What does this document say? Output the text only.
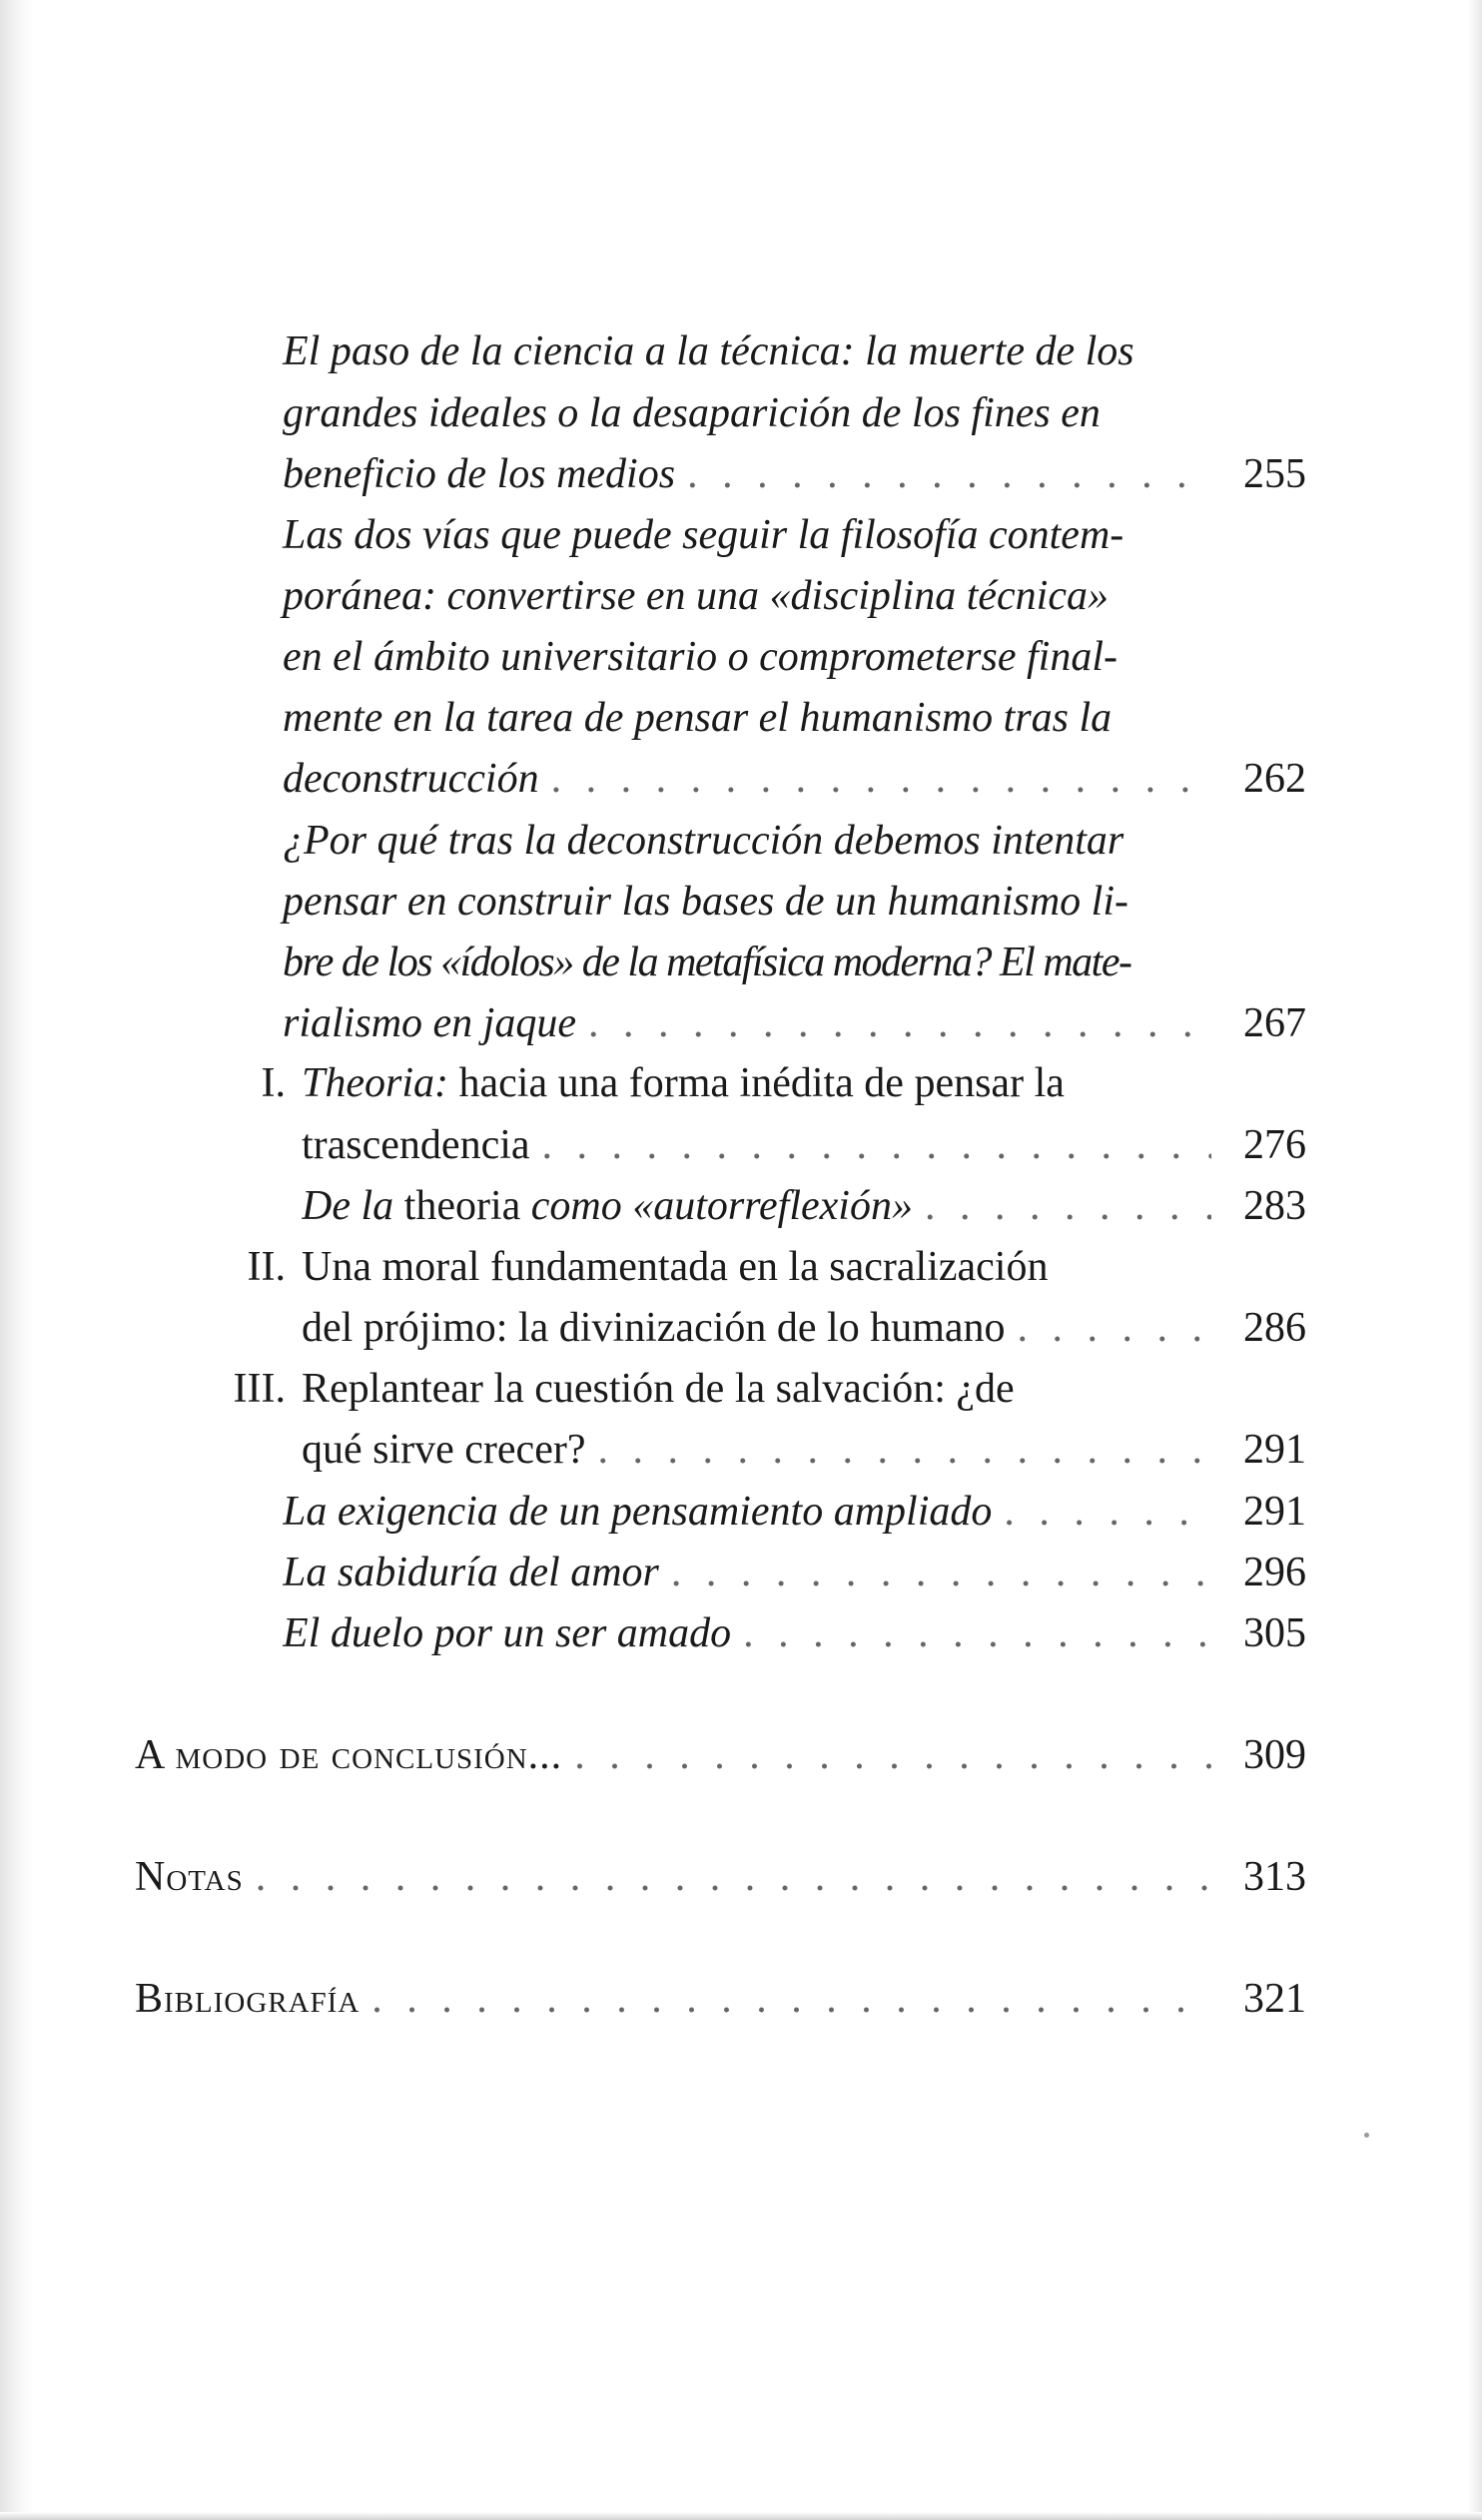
El paso de la ciencia a la técnica: la muerte de los
grandes ideales o la desaparición de los fines en
beneficio de los medios . . .	255
Las dos vías que puede seguir la filosofía contem-
poránea: convertirse en una «disciplina técnica»
en el ámbito universitario o comprometerse final-
mente en la tarea de pensar el humanismo tras la
deconstrucción . . .	262
¿Por qué tras la deconstrucción debemos intentar
pensar en construir las bases de un humanismo li-
bre de los «ídolos» de la metafísica moderna? El mate-
rialismo en jaque . . .	267
I. Theoria: hacia una forma inédita de pensar la
trascendencia . . .	276
De la theoria como «autorreflexión» . . .	283
II. Una moral fundamentada en la sacralización
del prójimo: la divinización de lo humano . . .	286
III. Replantear la cuestión de la salvación: ¿de
qué sirve crecer? . . .	291
La exigencia de un pensamiento ampliado . . .	291
La sabiduría del amor . . .	296
El duelo por un ser amado . . .	305
A modo de conclusión... . . .	309
Notas . . .	313
Bibliografía . . .	321
